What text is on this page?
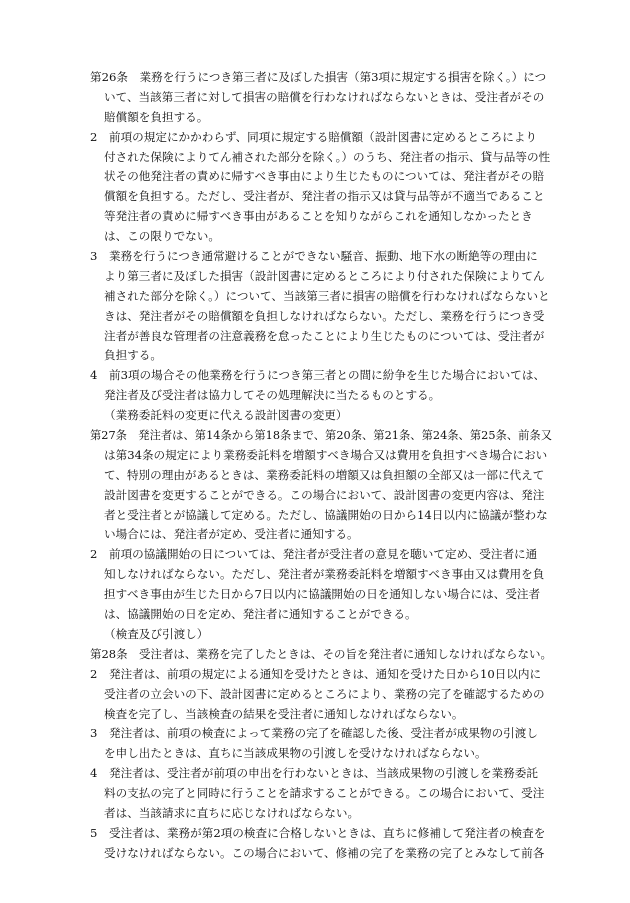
第26条　業務を行うにつき第三者に及ぼした損害（第3項に規定する損害を除く。）につ
いて、当該第三者に対して損害の賠償を行わなければならないときは、受注者がその
賠償額を負担する。
2　前項の規定にかかわらず、同項に規定する賠償額（設計図書に定めるところにより
付された保険によりてん補された部分を除く。）のうち、発注者の指示、貸与品等の性
状その他発注者の責めに帰すべき事由により生じたものについては、発注者がその賠
償額を負担する。ただし、受注者が、発注者の指示又は貸与品等が不適当であること
等発注者の責めに帰すべき事由があることを知りながらこれを通知しなかったとき
は、この限りでない。
3　業務を行うにつき通常避けることができない騒音、振動、地下水の断絶等の理由に
より第三者に及ぼした損害（設計図書に定めるところにより付された保険によりてん
補された部分を除く。）について、当該第三者に損害の賠償を行わなければならないと
きは、発注者がその賠償額を負担しなければならない。ただし、業務を行うにつき受
注者が善良な管理者の注意義務を怠ったことにより生じたものについては、受注者が
負担する。
4　前3項の場合その他業務を行うにつき第三者との間に紛争を生じた場合においては、
発注者及び受注者は協力してその処理解決に当たるものとする。
（業務委託料の変更に代える設計図書の変更）
第27条　発注者は、第14条から第18条まで、第20条、第21条、第24条、第25条、前条又
は第34条の規定により業務委託料を増額すべき場合又は費用を負担すべき場合におい
て、特別の理由があるときは、業務委託料の増額又は負担額の全部又は一部に代えて
設計図書を変更することができる。この場合において、設計図書の変更内容は、発注
者と受注者とが協議して定める。ただし、協議開始の日から14日以内に協議が整わな
い場合には、発注者が定め、受注者に通知する。
2　前項の協議開始の日については、発注者が受注者の意見を聴いて定め、受注者に通
知しなければならない。ただし、発注者が業務委託料を増額すべき事由又は費用を負
担すべき事由が生じた日から7日以内に協議開始の日を通知しない場合には、受注者
は、協議開始の日を定め、発注者に通知することができる。
（検査及び引渡し）
第28条　受注者は、業務を完了したときは、その旨を発注者に通知しなければならない。
2　発注者は、前項の規定による通知を受けたときは、通知を受けた日から10日以内に
受注者の立会いの下、設計図書に定めるところにより、業務の完了を確認するための
検査を完了し、当該検査の結果を受注者に通知しなければならない。
3　発注者は、前項の検査によって業務の完了を確認した後、受注者が成果物の引渡し
を申し出たときは、直ちに当該成果物の引渡しを受けなければならない。
4　発注者は、受注者が前項の申出を行わないときは、当該成果物の引渡しを業務委託
料の支払の完了と同時に行うことを請求することができる。この場合において、受注
者は、当該請求に直ちに応じなければならない。
5　受注者は、業務が第2項の検査に合格しないときは、直ちに修補して発注者の検査を
受けなければならない。この場合において、修補の完了を業務の完了とみなして前各
